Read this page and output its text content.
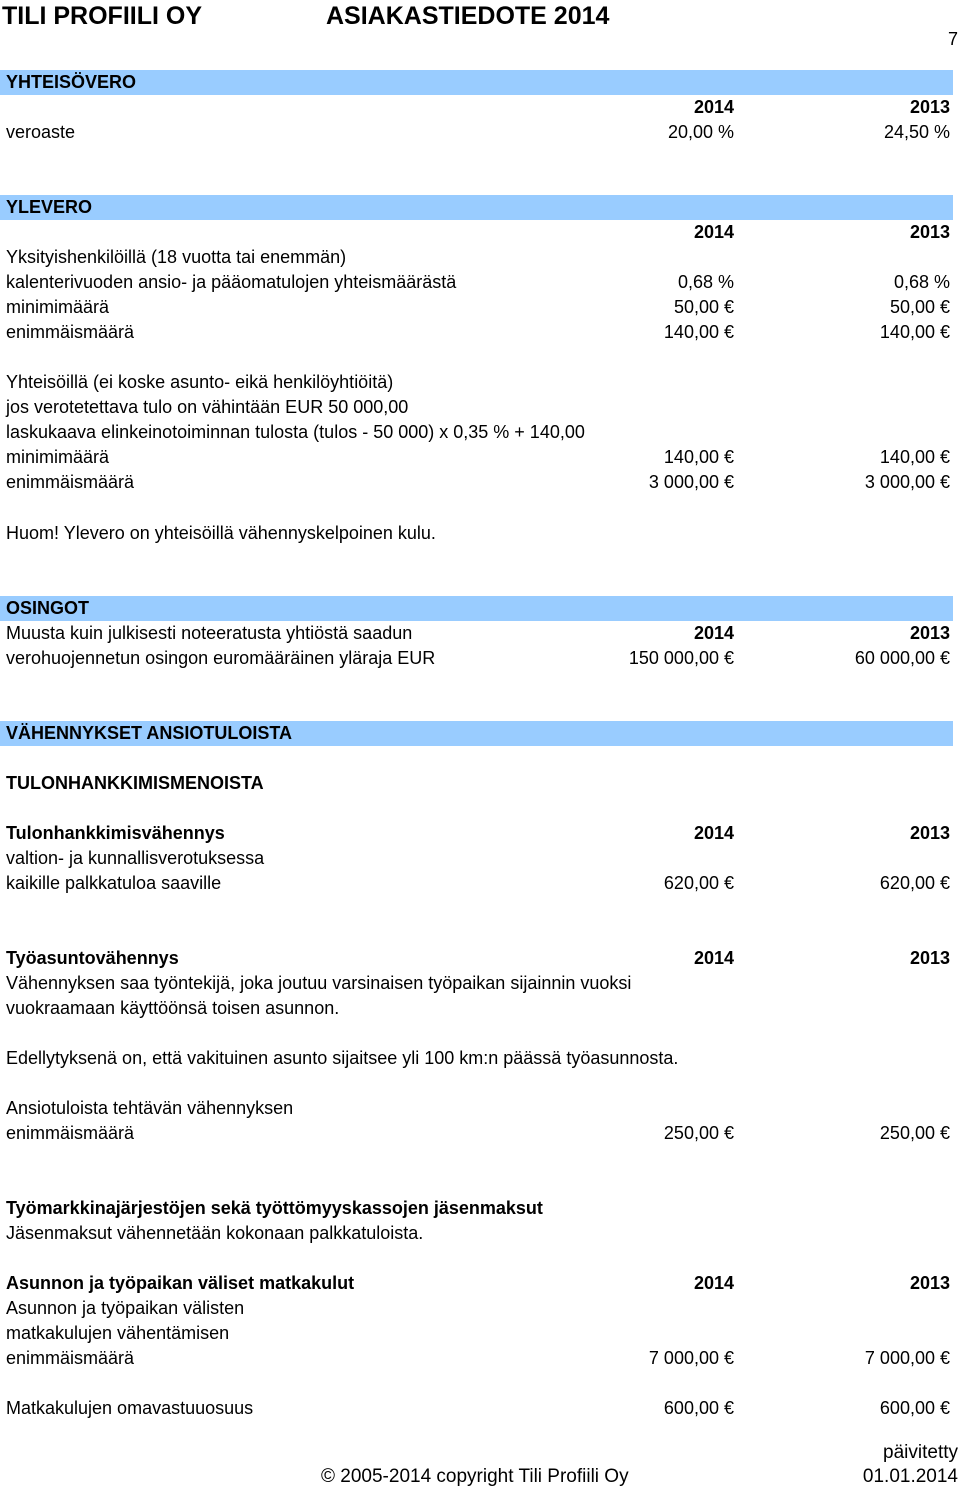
TILI PROFIILI OY	ASIAKASTIEDOTE 2014
7
YHTEISÖVERO
2014	2013
veroaste	20,00 %	24,50 %
YLEVERO
2014	2013
Yksityishenkilöillä (18 vuotta tai enemmän)
kalenterivuoden ansio- ja pääomatulojen yhteismäärästä	0,68 %	0,68 %
minimimäärä	50,00 €	50,00 €
enimmäismäärä	140,00 €	140,00 €
Yhteisöillä (ei koske asunto- eikä henkilöyhtiöitä)
jos verotetettava tulo on vähintään EUR 50 000,00
laskukaava elinkeinotoiminnan tulosta (tulos - 50 000) x 0,35 % + 140,00
minimimäärä	140,00 €	140,00 €
enimmäismäärä	3 000,00 €	3 000,00 €
Huom! Ylevero on yhteisöillä vähennyskelpoinen kulu.
OSINGOT
Muusta kuin julkisesti noteeratusta yhtiöstä saadun	2014	2013
verohuojennetun osingon euromääräinen yläraja EUR	150 000,00 €	60 000,00 €
VÄHENNYKSET ANSIOTULOISTA
TULONHANKKIMISMENOISTA
Tulonhankkimisvähennys	2014	2013
valtion- ja kunnallisverotuksessa
kaikille palkkatuloa saaville	620,00 €	620,00 €
Työasuntovähennys	2014	2013
Vähennyksen saa työntekijä, joka joutuu varsinaisen työpaikan sijainnin vuoksi
vuokraamaan käyttöönsä toisen asunnon.
Edellytyksenä on, että vakituinen asunto sijaitsee yli 100 km:n päässä työasunnosta.
Ansiotuloista tehtävän vähennyksen
enimmäismäärä	250,00 €	250,00 €
Työmarkkinajärjestöjen sekä työttömyyskassojen jäsenmaksut
Jäsenmaksut vähennetään kokonaan palkkatuloista.
Asunnon ja työpaikan väliset matkakulut	2014	2013
Asunnon ja työpaikan välisten
matkakulujen vähentämisen
enimmäismäärä	7 000,00 €	7 000,00 €
Matkakulujen omavastuuosuus	600,00 €	600,00 €
© 2005-2014 copyright Tili Profiili Oy
päivitetty
01.01.2014
